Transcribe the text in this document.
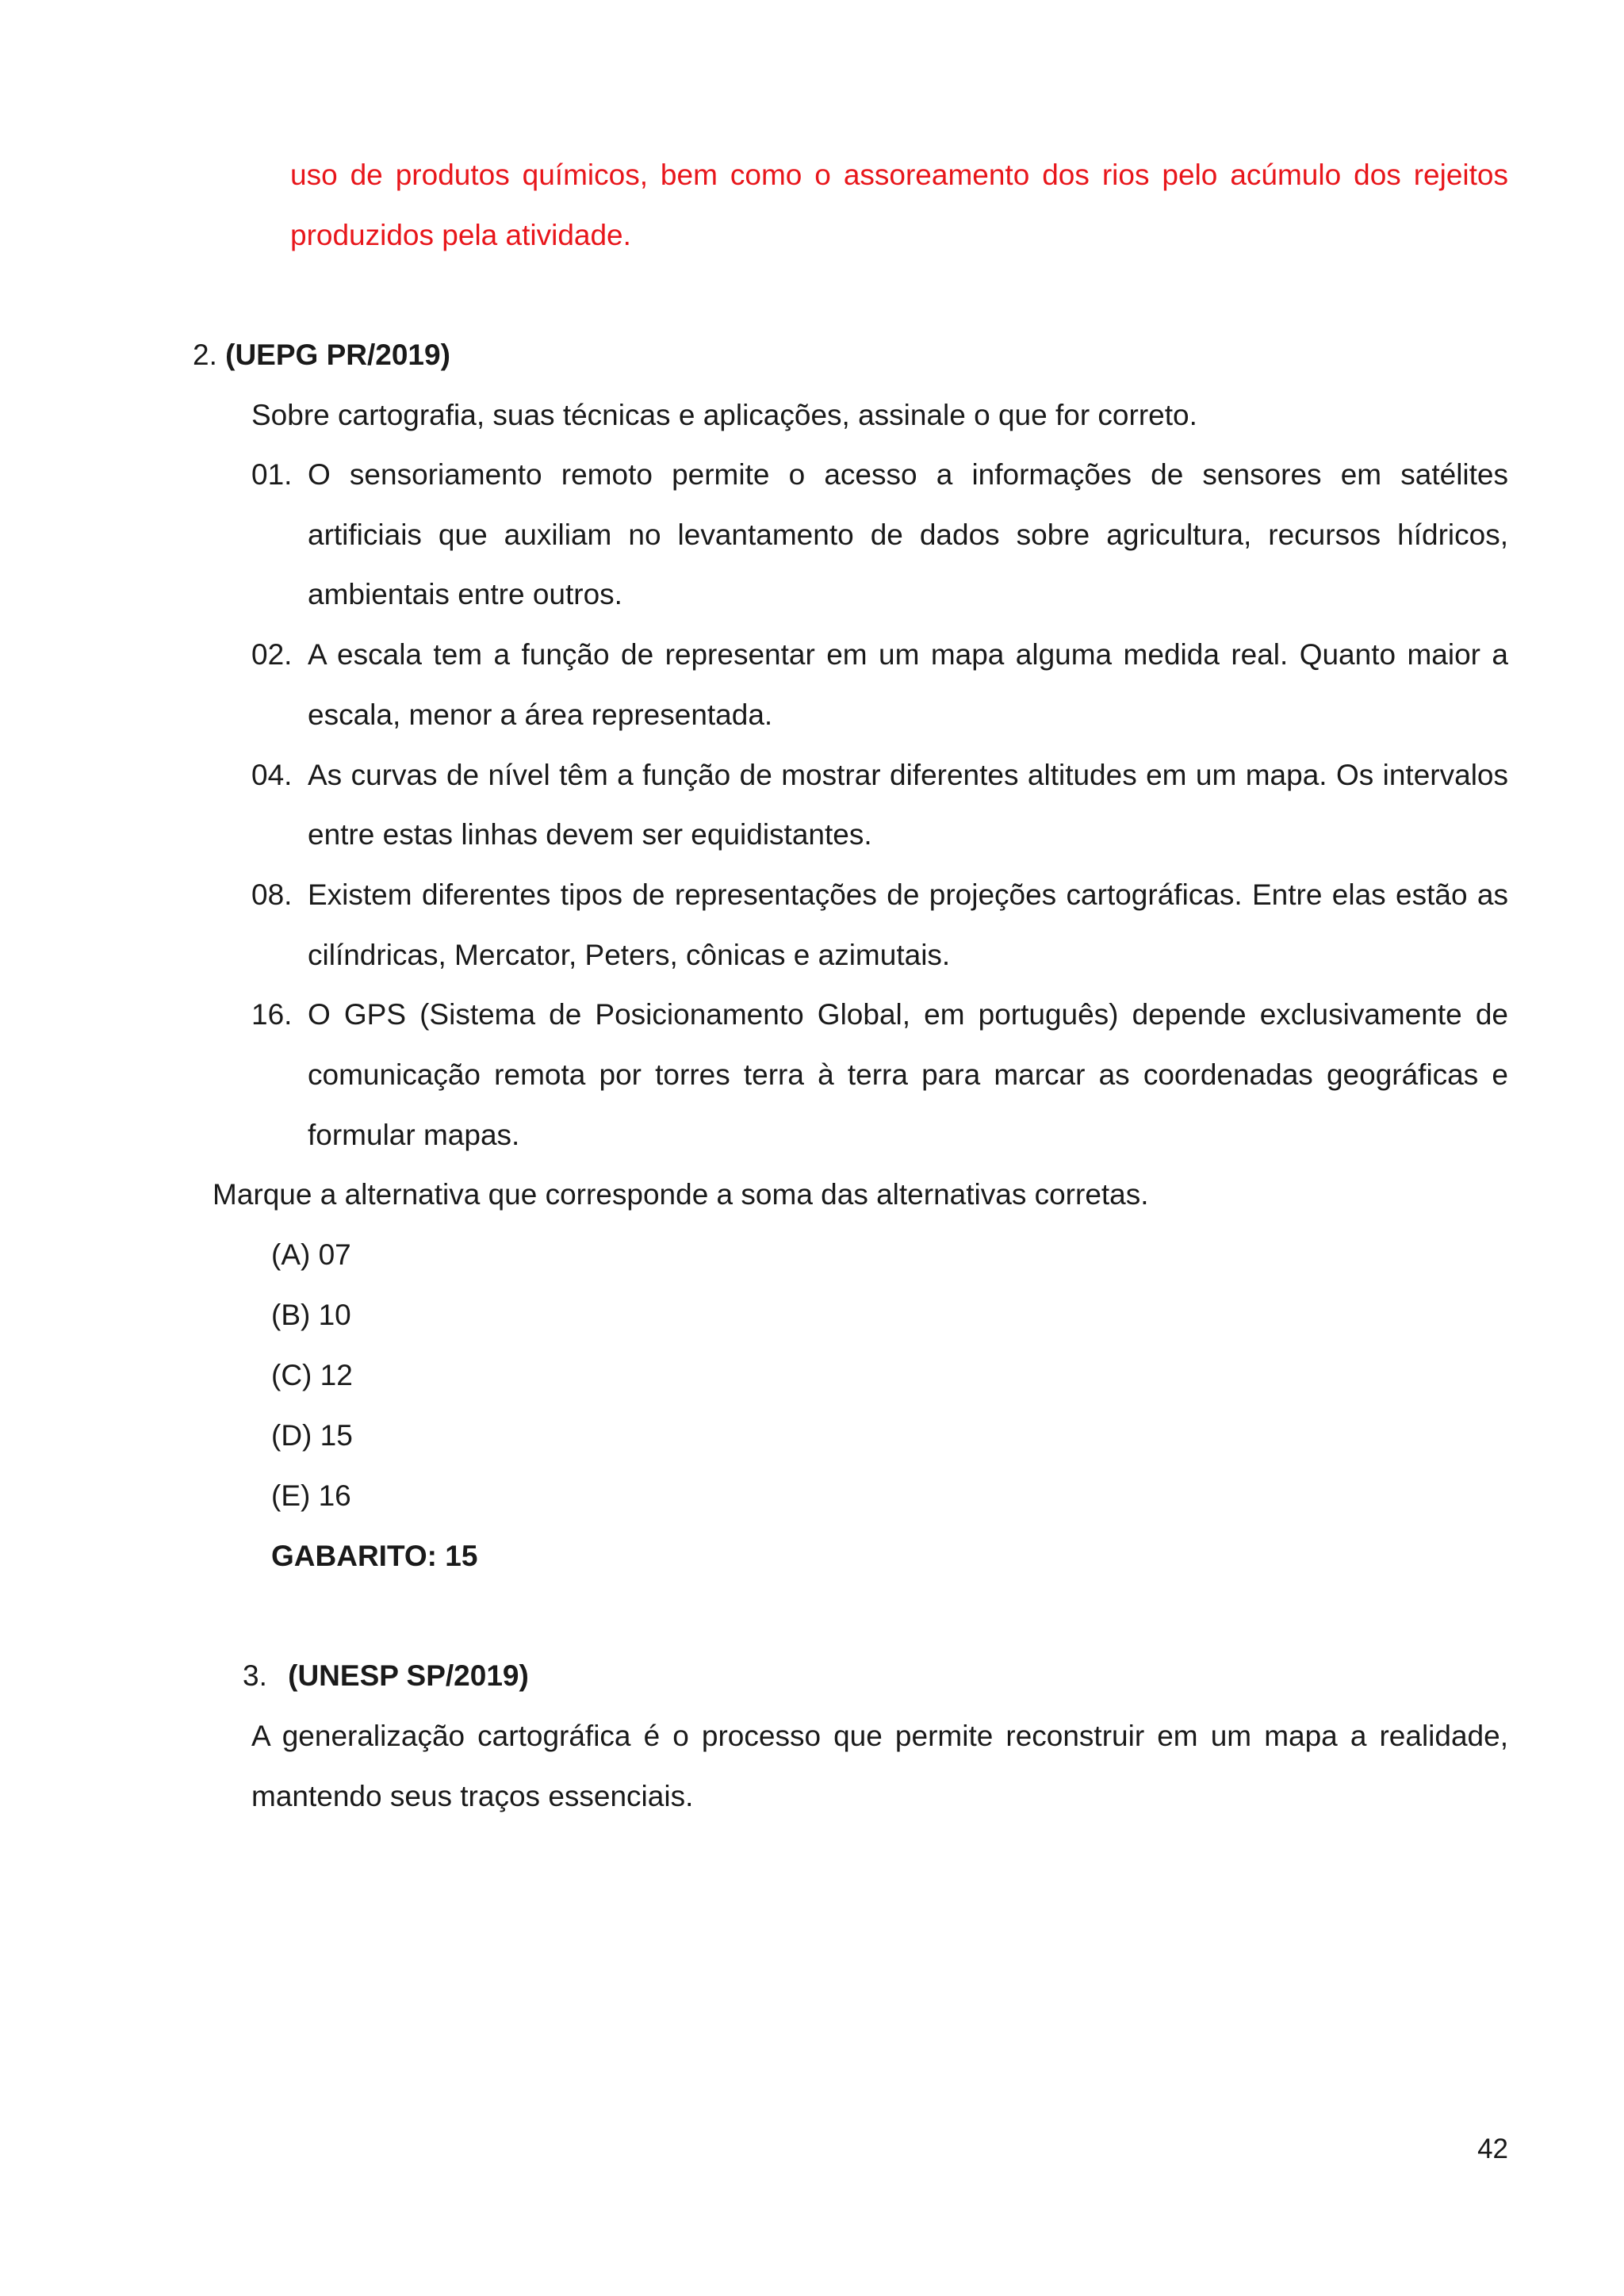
uso de produtos químicos, bem como o assoreamento dos rios pelo acúmulo dos rejeitos
produzidos pela atividade.
2. (UEPG PR/2019)
Sobre cartografia, suas técnicas e aplicações, assinale o que for correto.
01. O sensoriamento remoto permite o acesso a informações de sensores em satélites
artificiais que auxiliam no levantamento de dados sobre agricultura, recursos hídricos,
ambientais entre outros.
02. A escala tem a função de representar em um mapa alguma medida real. Quanto maior a
escala, menor a área representada.
04. As curvas de nível têm a função de mostrar diferentes altitudes em um mapa. Os intervalos
entre estas linhas devem ser equidistantes.
08. Existem diferentes tipos de representações de projeções cartográficas. Entre elas estão as
cilíndricas, Mercator, Peters, cônicas e azimutais.
16. O GPS (Sistema de Posicionamento Global, em português) depende exclusivamente de
comunicação remota por torres terra à terra para marcar as coordenadas geográficas e
formular mapas.
Marque a alternativa que corresponde a soma das alternativas corretas.
(A) 07
(B) 10
(C) 12
(D) 15
(E) 16
GABARITO: 15
3. (UNESP SP/2019)
A generalização cartográfica é o processo que permite reconstruir em um mapa a realidade,
mantendo seus traços essenciais.
42
